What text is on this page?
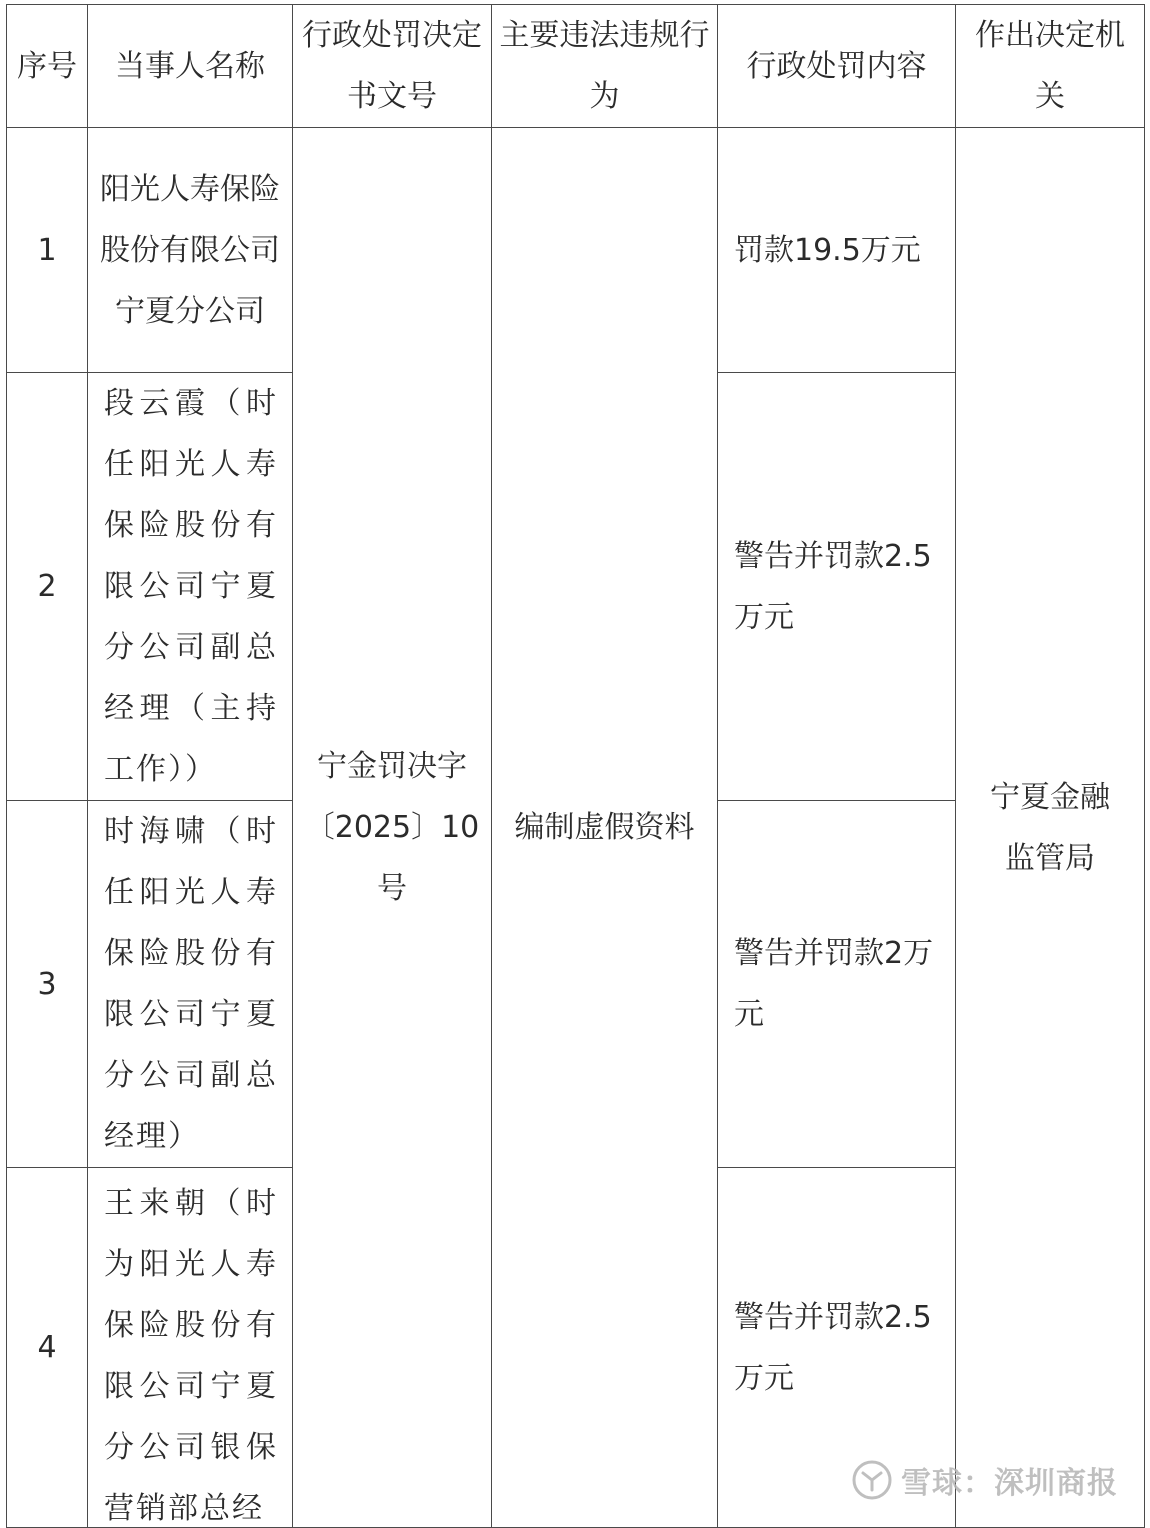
序号	当事人名称	行政处罚决定书文号	主要违法违规行为	行政处罚内容	作出决定机关

1	阳光人寿保险股份有限公司宁夏分公司	宁金罚决字〔2025〕10号	编制虚假资料	罚款19.5万元	宁夏金融监管局
2	段云霞（时任阳光人寿保险股份有限公司宁夏分公司副总经理（主持工作））			警告并罚款2.5万元	
3	时海啸（时任阳光人寿保险股份有限公司宁夏分公司副总经理）			警告并罚款2万元	
4	王来朝（时为阳光人寿保险股份有限公司宁夏分公司银保营销部总经			警告并罚款2.5万元	
雪球：深圳商报
